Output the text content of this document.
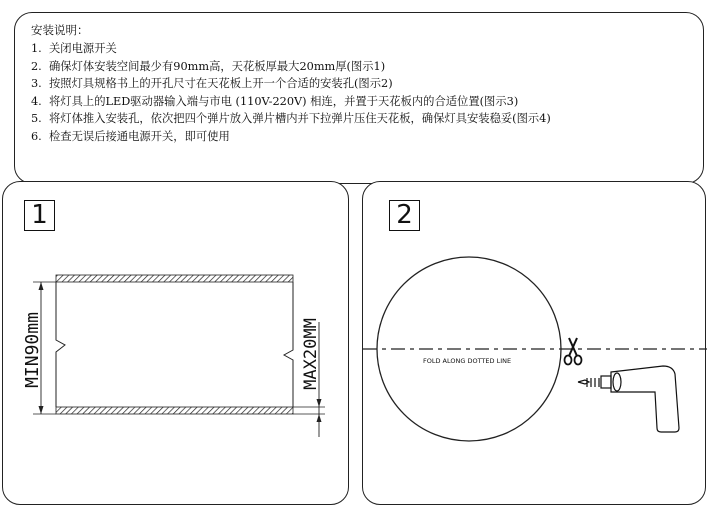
安装说明：
1. 关闭电源开关
2. 确保灯体安装空间最少有90mm高，天花板厚最大20mm厚(图示1)
3. 按照灯具规格书上的开孔尺寸在天花板上开一个合适的安装孔(图示2)
4. 将灯具上的LED驱动器输入端与市电 (110V-220V) 相连，并置于天花板内的合适位置(图示3)
5. 将灯体推入安装孔，依次把四个弹片放入弹片槽内并下拉弹片压住天花板，确保灯具安装稳妥(图示4)
6. 检查无误后接通电源开关，即可使用
1
MIN90mm	MAX20MM
2
FOLD ALONG DOTTED LINE
